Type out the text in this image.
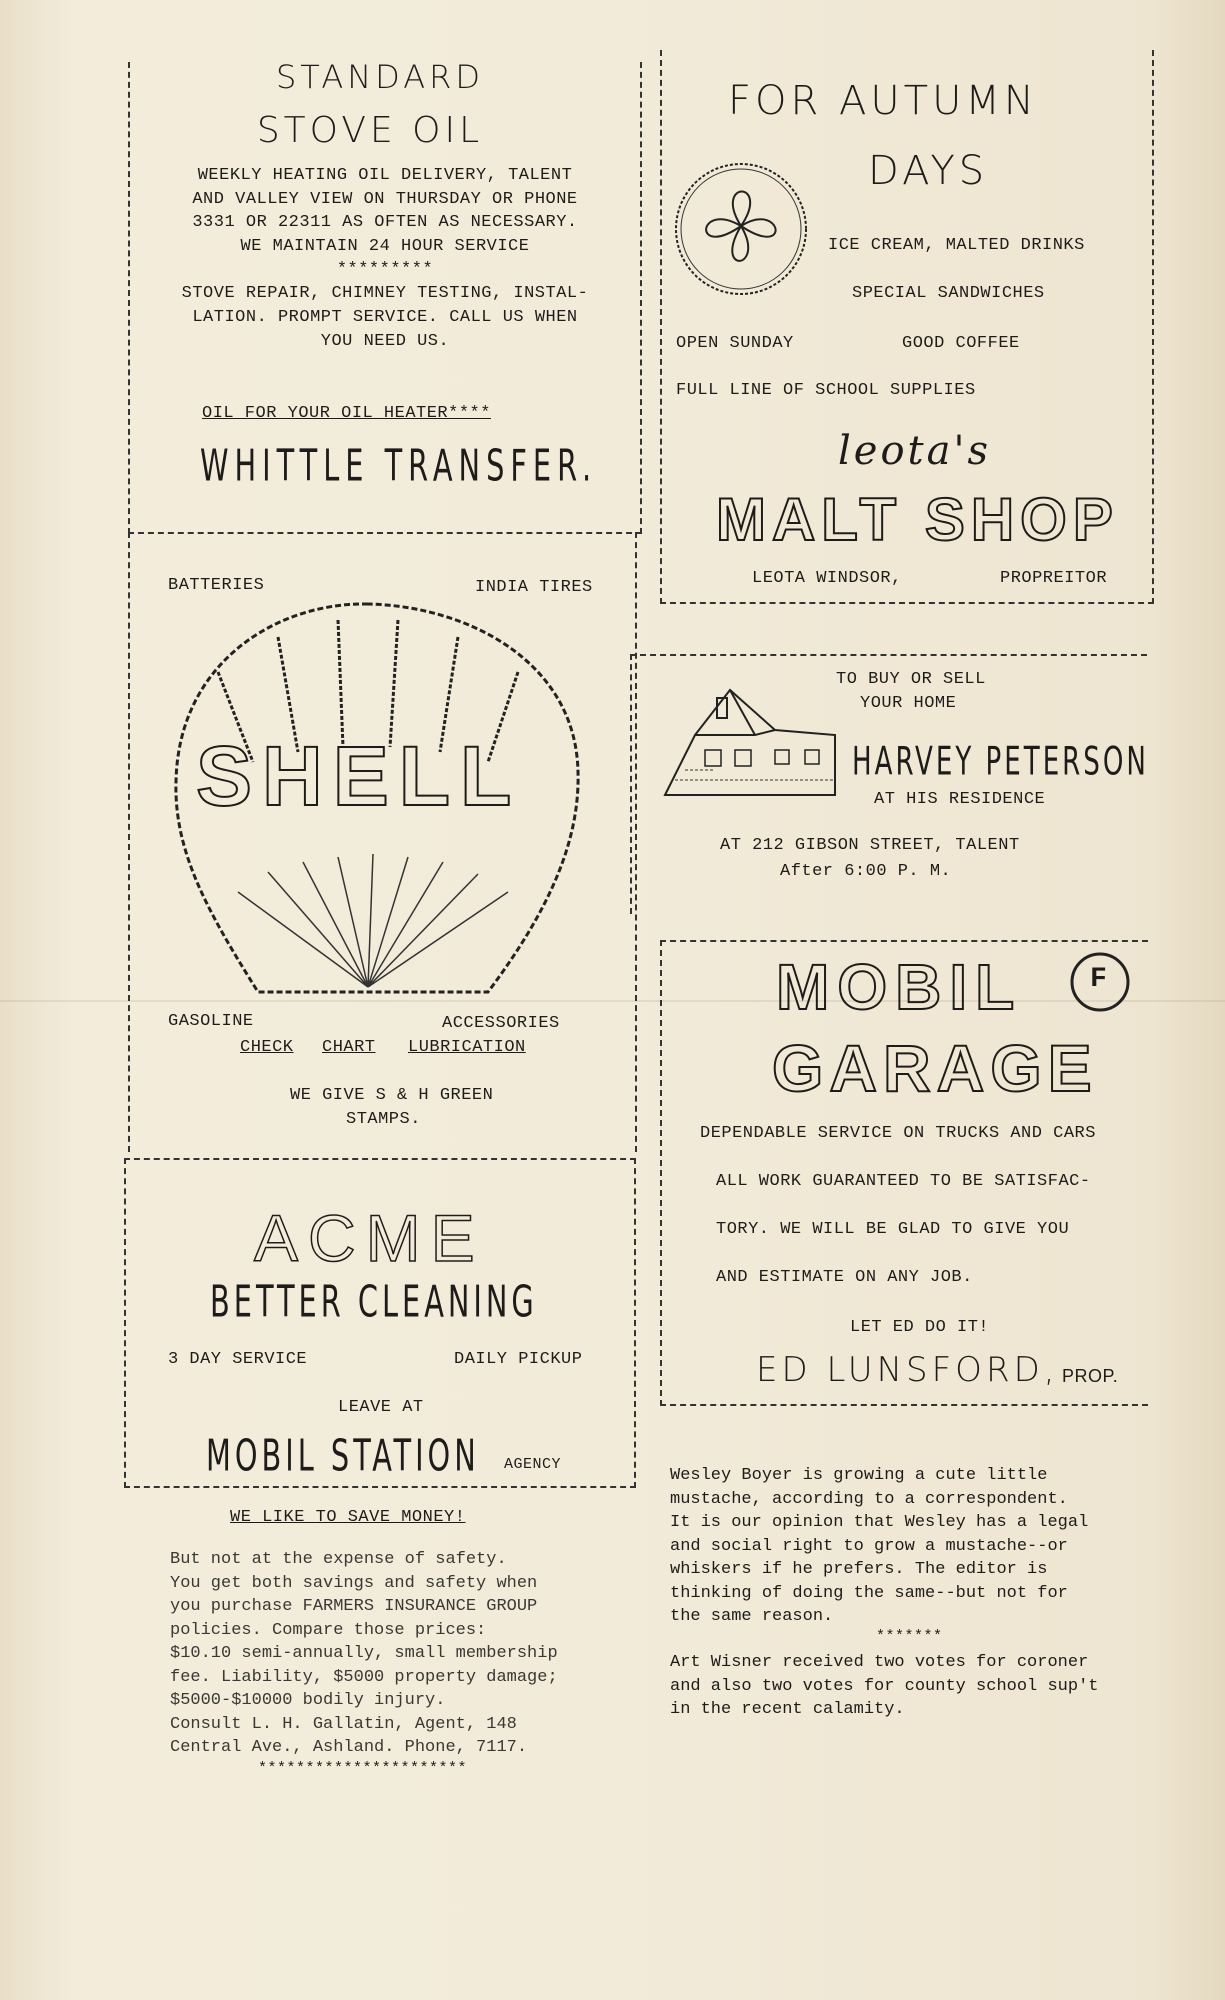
STANDARD
STOVE OIL
WEEKLY HEATING OIL DELIVERY, TALENT
AND VALLEY VIEW ON THURSDAY OR PHONE
3331 OR 22311 AS OFTEN AS NECESSARY.
WE MAINTAIN 24 HOUR SERVICE
*********
STOVE REPAIR, CHIMNEY TESTING, INSTAL-
LATION. PROMPT SERVICE. CALL US WHEN
YOU NEED US.
OIL FOR YOUR OIL HEATER****
WHITTLE TRANSFER.
FOR AUTUMN
DAYS
ICE CREAM, MALTED DRINKS
SPECIAL SANDWICHES
OPEN SUNDAY	GOOD COFFEE
FULL LINE OF SCHOOL SUPPLIES
leota's
MALT SHOP
LEOTA WINDSOR,	PROPREITOR
BATTERIES	INDIA TIRES
SHELL
GASOLINE	ACCESSORIES
CHECK CHART LUBRICATION
WE GIVE S & H GREEN
STAMPS.
TO BUY OR SELL
YOUR HOME
HARVEY PETERSON
AT HIS RESIDENCE
AT 212 GIBSON STREET, TALENT
After 6:00 P. M.
MOBIL F
GARAGE
DEPENDABLE SERVICE ON TRUCKS AND CARS
ALL WORK GUARANTEED TO BE SATISFAC-
TORY. WE WILL BE GLAD TO GIVE YOU
AND ESTIMATE ON ANY JOB.
LET ED DO IT!
ED LUNSFORD, PROP.
ACME
BETTER CLEANING
3 DAY SERVICE	DAILY PICKUP
LEAVE AT
MOBIL STATION AGENCY
WE LIKE TO SAVE MONEY!
But not at the expense of safety.
You get both savings and safety when
you purchase FARMERS INSURANCE GROUP
policies. Compare those prices:
$10.10 semi-annually, small membership
fee. Liability, $5000 property damage;
$5000-$10000 bodily injury.
Consult L. H. Gallatin, Agent, 148
Central Ave., Ashland. Phone, 7117.
**********************
Wesley Boyer is growing a cute little
mustache, according to a correspondent.
It is our opinion that Wesley has a legal
and social right to grow a mustache--or
whiskers if he prefers. The editor is
thinking of doing the same--but not for
the same reason.
*******
Art Wisner received two votes for coroner
and also two votes for county school sup't
in the recent calamity.
